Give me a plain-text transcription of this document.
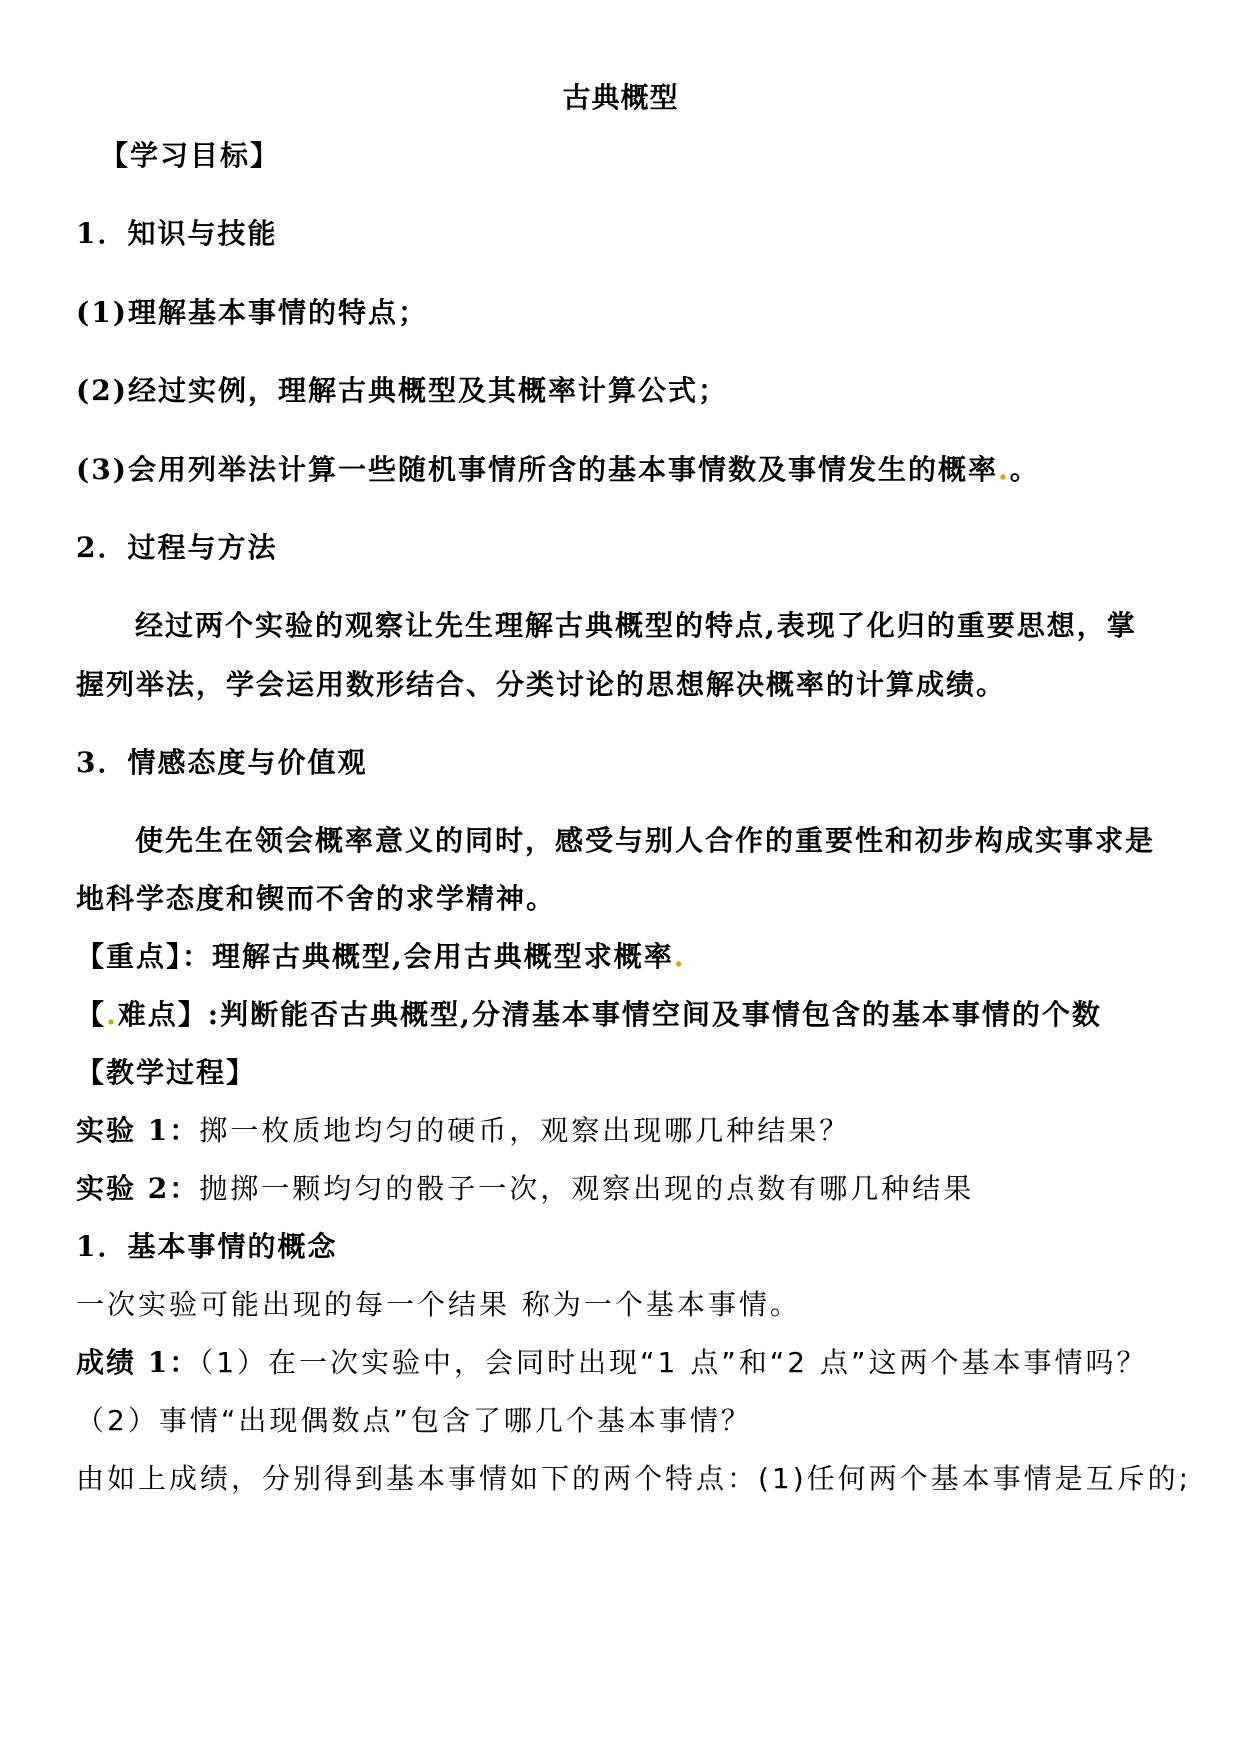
古典概型
【学习目标】
1．知识与技能
(1)理解基本事情的特点；
(2)经过实例，理解古典概型及其概率计算公式；
(3)会用列举法计算一些随机事情所含的基本事情数及事情发生的概率.。
2．过程与方法
经过两个实验的观察让先生理解古典概型的特点,表现了化归的重要思想，掌
握列举法，学会运用数形结合、分类讨论的思想解决概率的计算成绩。
3．情感态度与价值观
使先生在领会概率意义的同时，感受与别人合作的重要性和初步构成实事求是
地科学态度和锲而不舍的求学精神。
【重点】：理解古典概型,会用古典概型求概率.
【.难点】:判断能否古典概型,分清基本事情空间及事情包含的基本事情的个数
【教学过程】
实验 1：掷一枚质地均匀的硬币，观察出现哪几种结果？
实验 2：抛掷一颗均匀的骰子一次，观察出现的点数有哪几种结果
1．基本事情的概念
一次实验可能出现的每一个结果 称为一个基本事情。
成绩 1：（1）在一次实验中，会同时出现“1 点”和“2 点”这两个基本事情吗？
（2）事情“出现偶数点”包含了哪几个基本事情？
由如上成绩，分别得到基本事情如下的两个特点：(1)任何两个基本事情是互斥的;
